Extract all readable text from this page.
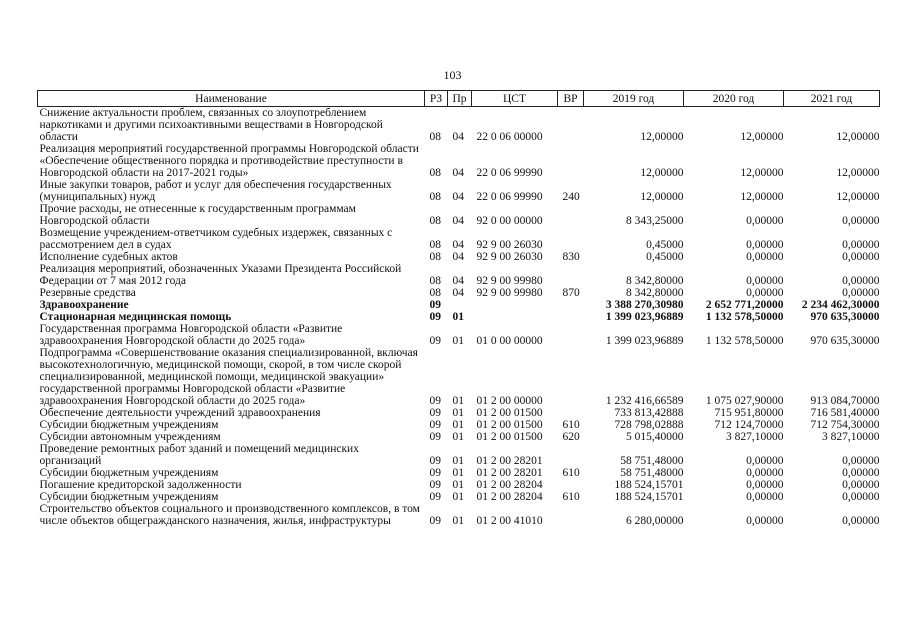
103
Наименование	РЗ	Пр	ЦСТ	ВР	2019 год	2020 год	2021 год
Снижение актуальности проблем, связанных со злоупотреблением наркотиками и другими психоактивными веществами в Новгородской области	08	04	22 0 06 00000		12,00000	12,00000	12,00000
Реализация мероприятий государственной программы Новгородской области «Обеспечение общественного порядка и противодействие преступности в Новгородской области на 2017-2021 годы»	08	04	22 0 06 99990		12,00000	12,00000	12,00000
Иные закупки товаров, работ и услуг для обеспечения государственных (муниципальных) нужд	08	04	22 0 06 99990	240	12,00000	12,00000	12,00000
Прочие расходы, не отнесенные к государственным программам Новгородской области	08	04	92 0 00 00000		8 343,25000	0,00000	0,00000
Возмещение учреждением-ответчиком судебных издержек, связанных с рассмотрением дел в судах	08	04	92 9 00 26030		0,45000	0,00000	0,00000
Исполнение судебных актов	08	04	92 9 00 26030	830	0,45000	0,00000	0,00000
Реализация мероприятий, обозначенных Указами Президента Российской Федерации от 7 мая 2012 года	08	04	92 9 00 99980		8 342,80000	0,00000	0,00000
Резервные средства	08	04	92 9 00 99980	870	8 342,80000	0,00000	0,00000
Здравоохранение	09				3 388 270,30980	2 652 771,20000	2 234 462,30000
Стационарная медицинская помощь	09	01			1 399 023,96889	1 132 578,50000	970 635,30000
Государственная программа Новгородской области «Развитие здравоохранения Новгородской области до 2025 года»	09	01	01 0 00 00000		1 399 023,96889	1 132 578,50000	970 635,30000
Подпрограмма «Совершенствование оказания специализированной, включая высокотехнологичную, медицинской помощи, скорой, в том числе скорой специализированной, медицинской помощи, медицинской эвакуации» государственной программы Новгородской области «Развитие здравоохранения Новгородской области до 2025 года»	09	01	01 2 00 00000		1 232 416,66589	1 075 027,90000	913 084,70000
Обеспечение деятельности учреждений здравоохранения	09	01	01 2 00 01500		733 813,42888	715 951,80000	716 581,40000
Субсидии бюджетным учреждениям	09	01	01 2 00 01500	610	728 798,02888	712 124,70000	712 754,30000
Субсидии автономным учреждениям	09	01	01 2 00 01500	620	5 015,40000	3 827,10000	3 827,10000
Проведение ремонтных работ зданий и помещений медицинских организаций	09	01	01 2 00 28201		58 751,48000	0,00000	0,00000
Субсидии бюджетным учреждениям	09	01	01 2 00 28201	610	58 751,48000	0,00000	0,00000
Погашение кредиторской задолженности	09	01	01 2 00 28204		188 524,15701	0,00000	0,00000
Субсидии бюджетным учреждениям	09	01	01 2 00 28204	610	188 524,15701	0,00000	0,00000
Строительство объектов социального и производственного комплексов, в том числе объектов общегражданского назначения, жилья, инфраструктуры	09	01	01 2 00 41010		6 280,00000	0,00000	0,00000
